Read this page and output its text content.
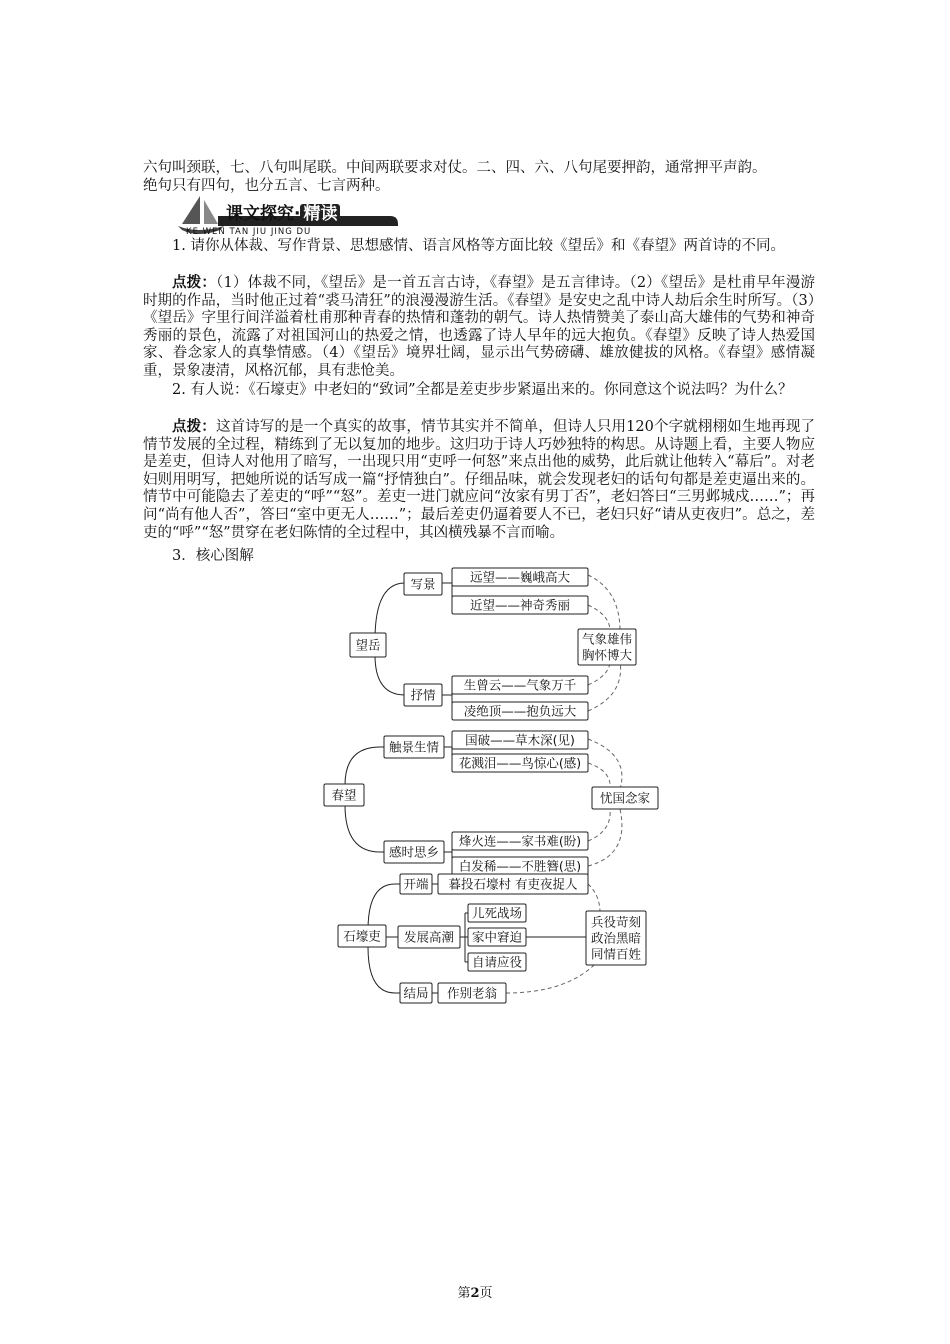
六句叫颈联，七、八句叫尾联。中间两联要求对仗。二、四、六、八句尾要押韵，通常押平声韵。
绝句只有四句，也分五言、七言两种。
课文探究· 精读
KE WEN TAN JIU JING DU

1. 请你从体裁、写作背景、思想感情、语言风格等方面比较《望岳》和《春望》两首诗的不同。

点拨：（1）体裁不同，《望岳》是一首五言古诗，《春望》是五言律诗。（2）《望岳》是杜甫早年漫游时期的作品，当时他正过着“裘马清狂”的浪漫漫游生活。《春望》是安史之乱中诗人劫后余生时所写。（3）《望岳》字里行间洋溢着杜甫那种青春的热情和蓬勃的朝气。诗人热情赞美了泰山高大雄伟的气势和神奇秀丽的景色，流露了对祖国河山的热爱之情，也透露了诗人早年的远大抱负。《春望》反映了诗人热爱国家、眷念家人的真挚情感。（4）《望岳》境界壮阔，显示出气势磅礴、雄放健拔的风格。《春望》感情凝重，景象凄清，风格沉郁，具有悲怆美。

2. 有人说：《石壕吏》中老妇的“致词”全都是差吏步步紧逼出来的。你同意这个说法吗？为什么？

点拨：这首诗写的是一个真实的故事，情节其实并不简单，但诗人只用120个字就栩栩如生地再现了情节发展的全过程，精练到了无以复加的地步。这归功于诗人巧妙独特的构思。从诗题上看，主要人物应是差吏，但诗人对他用了暗写，一出现只用“吏呼一何怒”来点出他的威势，此后就让他转入“幕后”。对老妇则用明写，把她所说的话写成一篇“抒情独白”。仔细品味，就会发现老妇的话句句都是差吏逼出来的。情节中可能隐去了差吏的“呼”“怒”。差吏一进门就应问“汝家有男丁否”，老妇答曰“三男邺城戍……”；再问“尚有他人否”，答曰“室中更无人……”；最后差吏仍逼着要人不已，老妇只好“请从吏夜归”。总之，差吏的“呼”“怒”贯穿在老妇陈情的全过程中，其凶横残暴不言而喻。

3．核心图解

望岳
写景
抒情
远望——巍峨高大
近望——神奇秀丽
生曾云——气象万千
凌绝顶——抱负远大
气象雄伟
胸怀博大
春望
触景生情
感时思乡
国破——草木深(见)
花溅泪——鸟惊心(感)
烽火连——家书难(盼)
白发稀——不胜簪(思)
忧国念家
石壕吏
开端
发展高潮
结局
暮投石壕村 有吏夜捉人
儿死战场
家中窘迫
自请应役
作别老翁
兵役苛刻
政治黑暗
同情百姓
第2页
